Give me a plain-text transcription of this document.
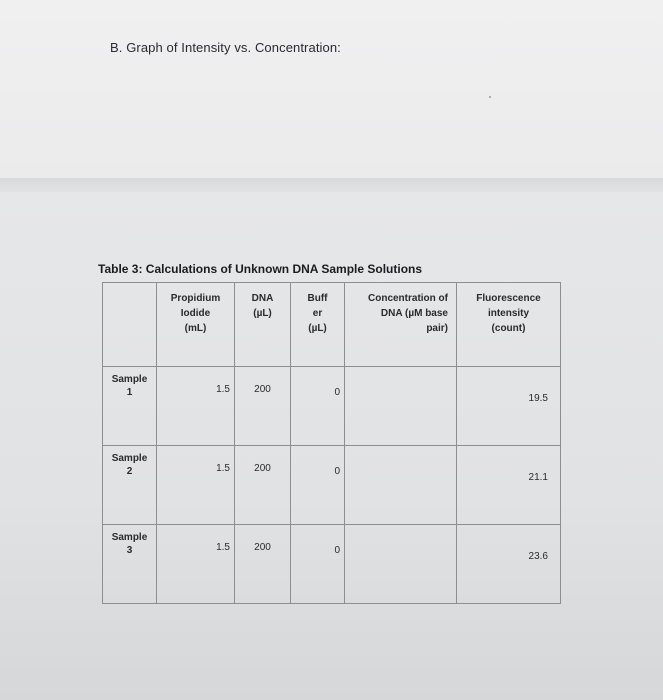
B. Graph of Intensity vs. Concentration:
Table 3: Calculations of Unknown DNA Sample Solutions

	Propidium
Iodide
(mL)	DNA
(µL)	Buff
er
(µL)	Concentration of
DNA (µM base
pair)	Fluorescence
intensity
(count)

Sample
1	1.5	200	0		19.5

Sample
2	1.5	200	0		21.1

Sample
3	1.5	200	0		23.6
